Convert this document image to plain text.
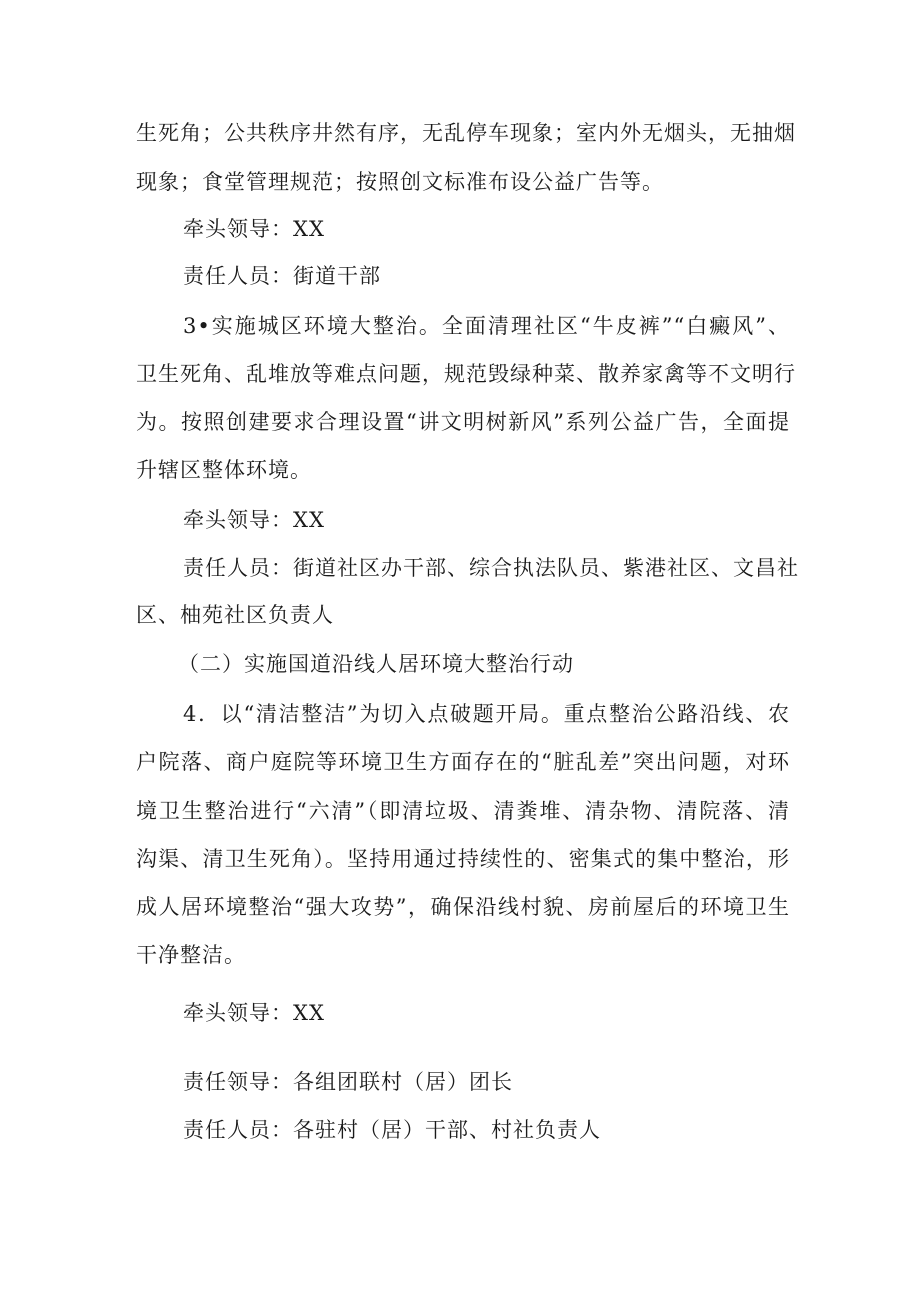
生死角；公共秩序井然有序，无乱停车现象；室内外无烟头，无抽烟
现象；食堂管理规范；按照创文标准布设公益广告等。
牵头领导：XX
责任人员：街道干部
3•实施城区环境大整治。全面清理社区“牛皮裤”“白癜风”、
卫生死角、乱堆放等难点问题，规范毁绿种菜、散养家禽等不文明行
为。按照创建要求合理设置“讲文明树新风”系列公益广告，全面提
升辖区整体环境。
牵头领导：XX
责任人员：街道社区办干部、综合执法队员、紫港社区、文昌社
区、柚苑社区负责人
（二）实施国道沿线人居环境大整治行动
4．以“清洁整洁”为切入点破题开局。重点整治公路沿线、农
户院落、商户庭院等环境卫生方面存在的“脏乱差”突出问题，对环
境卫生整治进行“六清”（即清垃圾、清粪堆、清杂物、清院落、清
沟渠、清卫生死角）。坚持用通过持续性的、密集式的集中整治，形
成人居环境整治“强大攻势”，确保沿线村貌、房前屋后的环境卫生
干净整洁。
牵头领导：XX
责任领导：各组团联村（居）团长
责任人员：各驻村（居）干部、村社负责人
